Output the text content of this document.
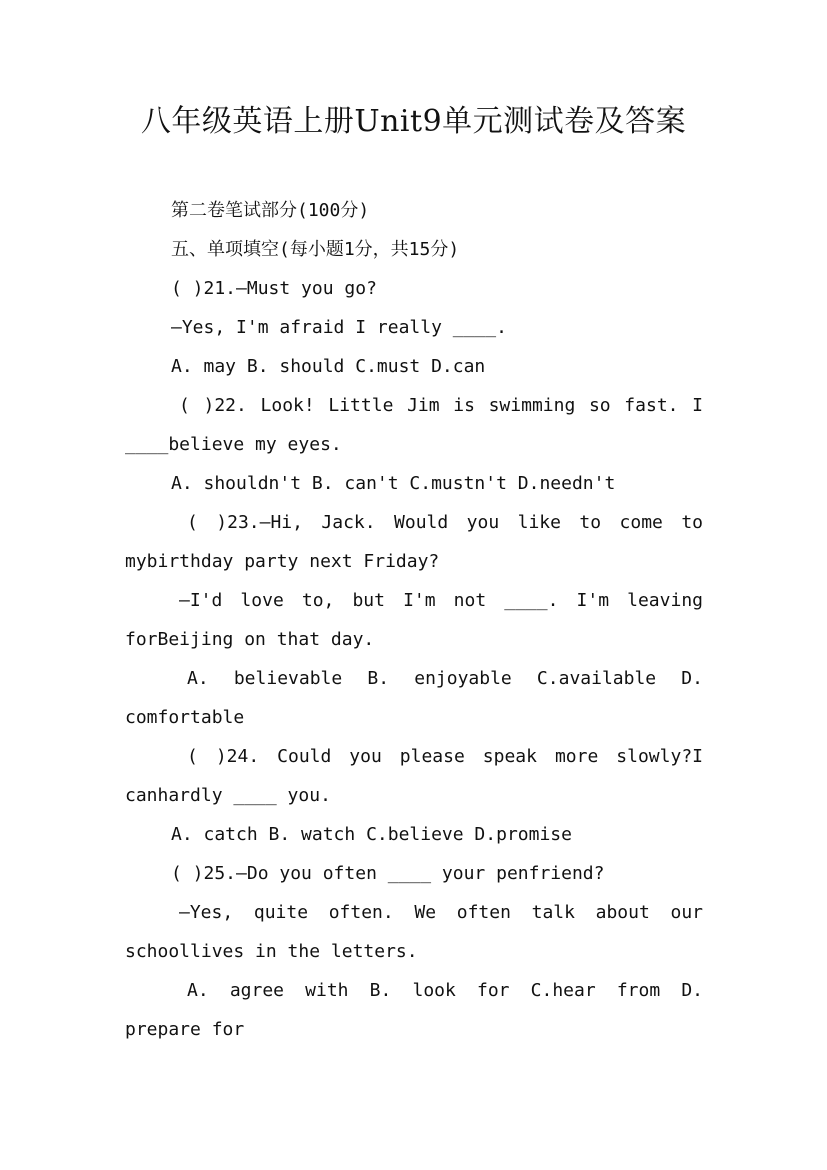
八年级英语上册Unit9单元测试卷及答案
第二卷笔试部分(100分)
五、单项填空(每小题1分，共15分)
( )21.—Must you go?
—Yes, I'm afraid I really ____.
A. may B. should C.must D.can
( )22. Look! Little Jim is swimming so fast. I
____believe my eyes.
A. shouldn't B. can't C.mustn't D.needn't
( )23.—Hi, Jack. Would you like to come to
mybirthday party next Friday?
—I'd love to, but I'm not ____. I'm leaving
forBeijing on that day.
A. believable B. enjoyable C.available D.
comfortable
( )24. Could you please speak more slowly?I
canhardly ____ you.
A. catch B. watch C.believe D.promise
( )25.—Do you often ____ your penfriend?
—Yes, quite often. We often talk about our
schoollives in the letters.
A. agree with B. look for C.hear from D.
prepare for
